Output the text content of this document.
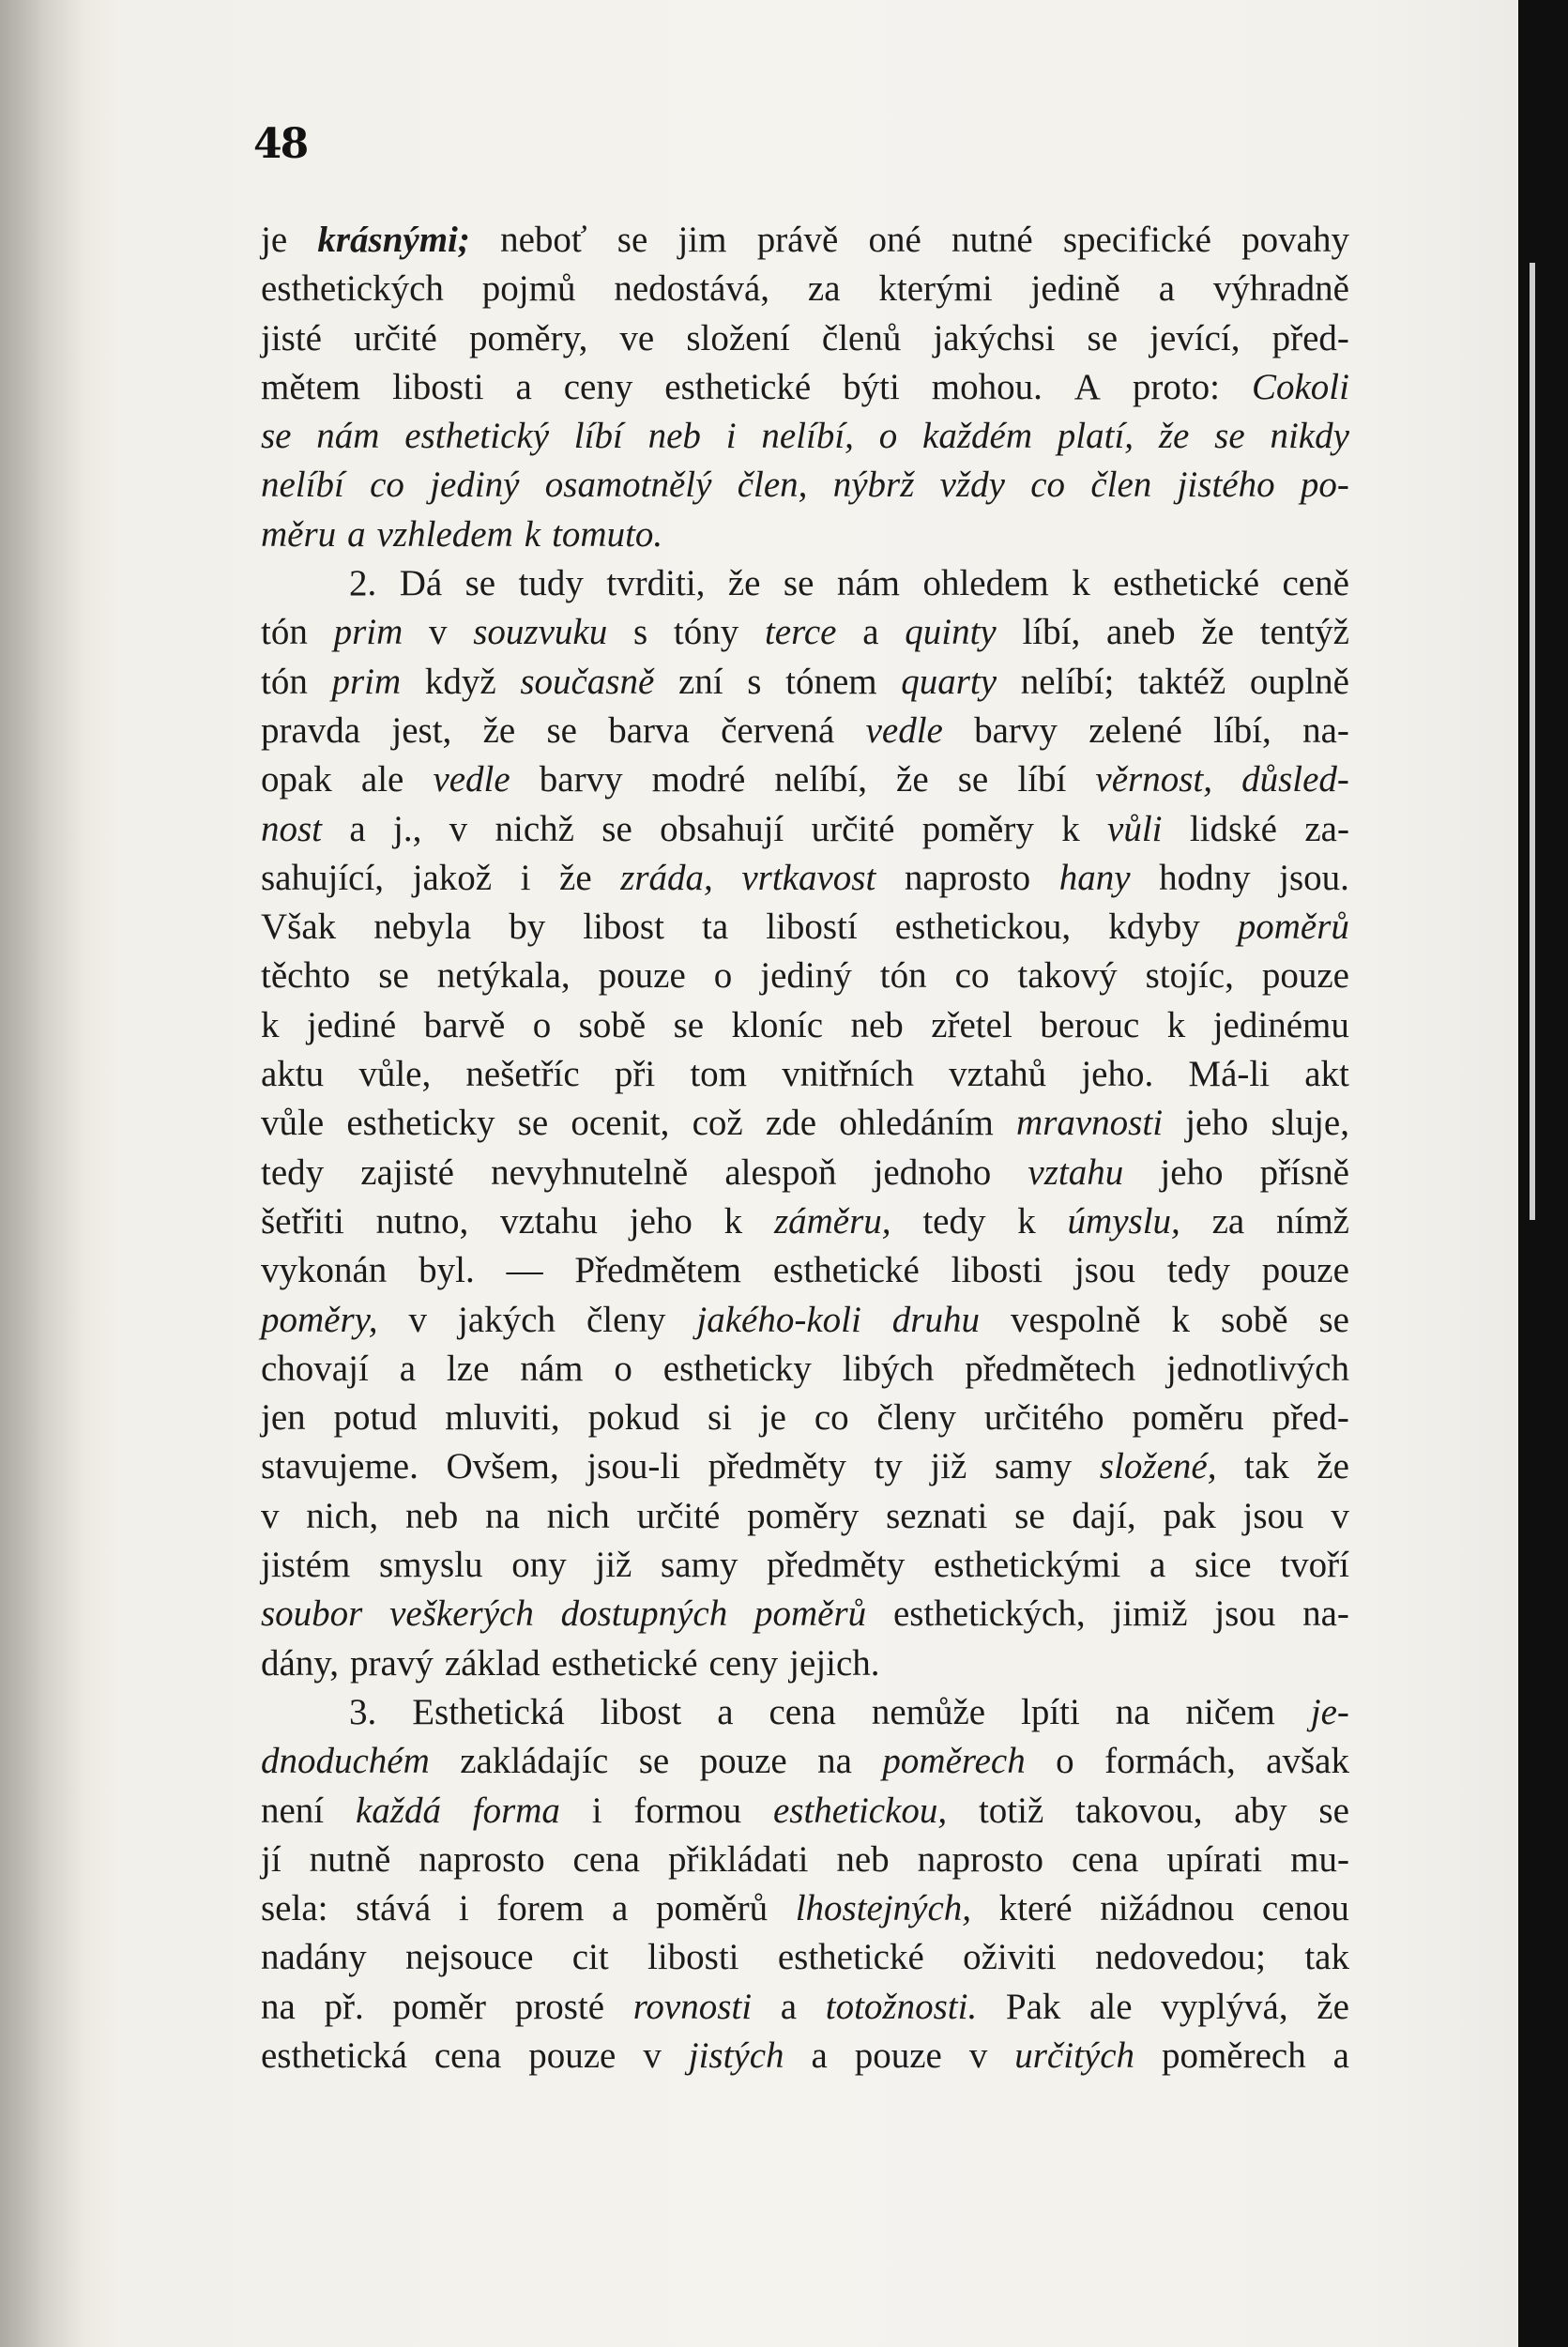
48
je krásnými; neboť se jim právě oné nutné specifické povahy
esthetických pojmů nedostává, za kterými jedině a výhradně
jisté určité poměry, ve složení členů jakýchsi se jevící, před-
mětem libosti a ceny esthetické býti mohou. A proto: Cokoli
se nám esthetický líbí neb i nelíbí, o každém platí, že se nikdy
nelíbí co jediný osamotnělý člen, nýbrž vždy co člen jistého po-
měru a vzhledem k tomuto.
2. Dá se tudy tvrditi, že se nám ohledem k esthetické ceně
tón prim v souzvuku s tóny terce a quinty líbí, aneb že tentýž
tón prim když současně zní s tónem quarty nelíbí; taktéž ouplně
pravda jest, že se barva červená vedle barvy zelené líbí, na-
opak ale vedle barvy modré nelíbí, že se líbí věrnost, důsled-
nost a j., v nichž se obsahují určité poměry k vůli lidské za-
sahující, jakož i že zráda, vrtkavost naprosto hany hodny jsou.
Však nebyla by libost ta libostí esthetickou, kdyby poměrů
těchto se netýkala, pouze o jediný tón co takový stojíc, pouze
k jediné barvě o sobě se kloníc neb zřetel berouc k jedinému
aktu vůle, nešetříc při tom vnitřních vztahů jeho. Má-li akt
vůle estheticky se ocenit, což zde ohledáním mravnosti jeho sluje,
tedy zajisté nevyhnutelně alespoň jednoho vztahu jeho přísně
šetřiti nutno, vztahu jeho k záměru, tedy k úmyslu, za nímž
vykonán byl. — Předmětem esthetické libosti jsou tedy pouze
poměry, v jakých členy jakého-koli druhu vespolně k sobě se
chovají a lze nám o estheticky libých předmětech jednotlivých
jen potud mluviti, pokud si je co členy určitého poměru před-
stavujeme. Ovšem, jsou-li předměty ty již samy složené, tak že
v nich, neb na nich určité poměry seznati se dají, pak jsou v
jistém smyslu ony již samy předměty esthetickými a sice tvoří
soubor veškerých dostupných poměrů esthetických, jimiž jsou na-
dány, pravý základ esthetické ceny jejich.
3. Esthetická libost a cena nemůže lpíti na ničem je-
dnoduchém zakládajíc se pouze na poměrech o formách, avšak
není každá forma i formou esthetickou, totiž takovou, aby se
jí nutně naprosto cena přikládati neb naprosto cena upírati mu-
sela: stává i forem a poměrů lhostejných, které nižádnou cenou
nadány nejsouce cit libosti esthetické oživiti nedovedou; tak
na př. poměr prosté rovnosti a totožnosti. Pak ale vyplývá, že
esthetická cena pouze v jistých a pouze v určitých poměrech a
